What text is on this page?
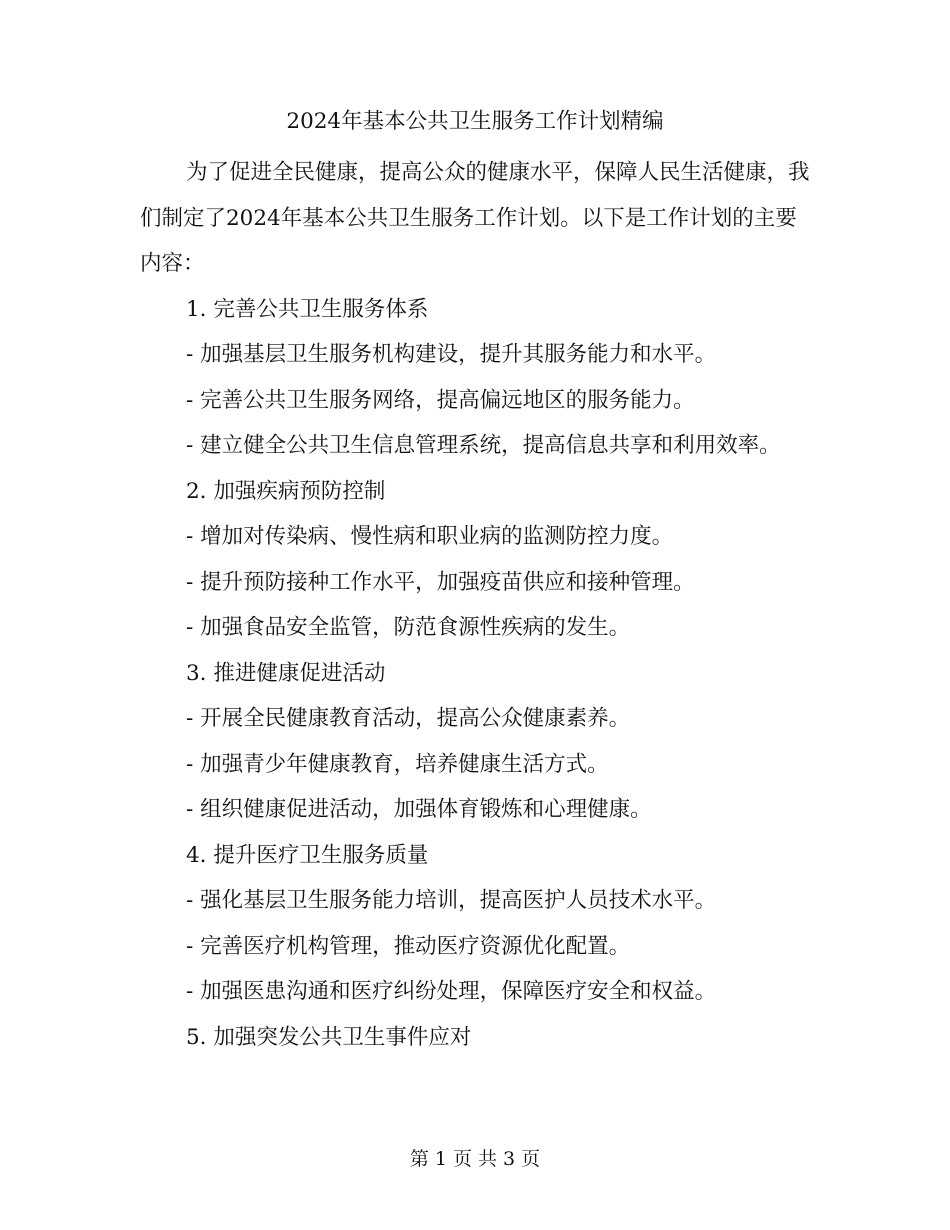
2024年基本公共卫生服务工作计划精编

为了促进全民健康，提高公众的健康水平，保障人民生活健康，我们制定了2024年基本公共卫生服务工作计划。以下是工作计划的主要内容：

1. 完善公共卫生服务体系

- 加强基层卫生服务机构建设，提升其服务能力和水平。

- 完善公共卫生服务网络，提高偏远地区的服务能力。

- 建立健全公共卫生信息管理系统，提高信息共享和利用效率。

2. 加强疾病预防控制

- 增加对传染病、慢性病和职业病的监测防控力度。

- 提升预防接种工作水平，加强疫苗供应和接种管理。

- 加强食品安全监管，防范食源性疾病的发生。

3. 推进健康促进活动

- 开展全民健康教育活动，提高公众健康素养。

- 加强青少年健康教育，培养健康生活方式。

- 组织健康促进活动，加强体育锻炼和心理健康。

4. 提升医疗卫生服务质量

- 强化基层卫生服务能力培训，提高医护人员技术水平。

- 完善医疗机构管理，推动医疗资源优化配置。

- 加强医患沟通和医疗纠纷处理，保障医疗安全和权益。

5. 加强突发公共卫生事件应对

第 1 页 共 3 页
